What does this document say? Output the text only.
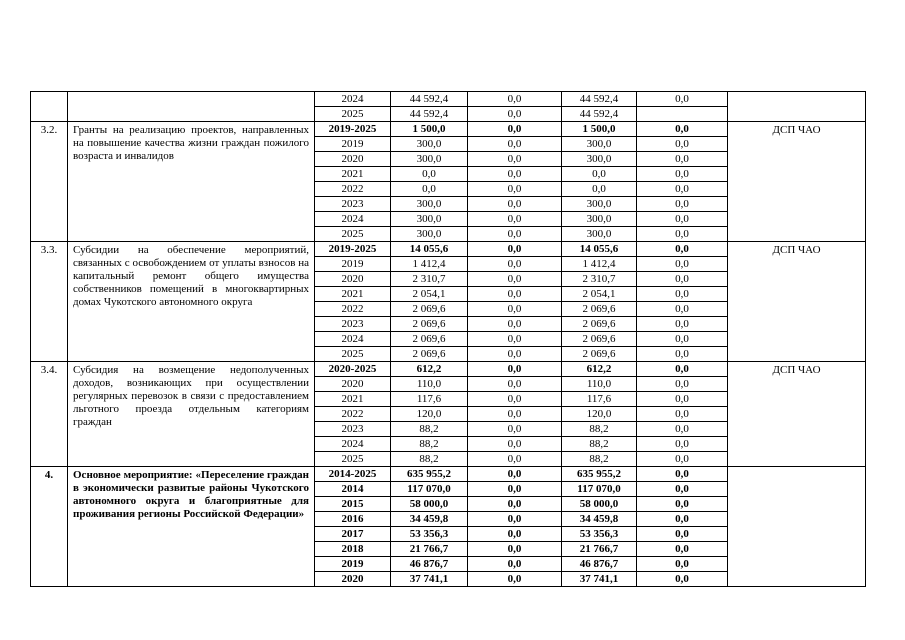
		2024	44 592,4	0,0	44 592,4	0,0	
		2025	44 592,4	0,0	44 592,4		
3.2.	Гранты на реализацию проектов, направленных на повышение качества жизни граждан пожилого возраста и инвалидов	2019-2025	1 500,0	0,0	1 500,0	0,0	ДСП ЧАО
		2019	300,0	0,0	300,0	0,0	
		2020	300,0	0,0	300,0	0,0	
		2021	0,0	0,0	0,0	0,0	
		2022	0,0	0,0	0,0	0,0	
		2023	300,0	0,0	300,0	0,0	
		2024	300,0	0,0	300,0	0,0	
		2025	300,0	0,0	300,0	0,0	
3.3.	Субсидии на обеспечение мероприятий, связанных с освобождением от уплаты взносов на капитальный ремонт общего имущества собственников помещений в многоквартирных домах Чукотского автономного округа	2019-2025	14 055,6	0,0	14 055,6	0,0	ДСП ЧАО
		2019	1 412,4	0,0	1 412,4	0,0	
		2020	2 310,7	0,0	2 310,7	0,0	
		2021	2 054,1	0,0	2 054,1	0,0	
		2022	2 069,6	0,0	2 069,6	0,0	
		2023	2 069,6	0,0	2 069,6	0,0	
		2024	2 069,6	0,0	2 069,6	0,0	
		2025	2 069,6	0,0	2 069,6	0,0	
3.4.	Субсидия на возмещение недополученных доходов, возникающих при осуществлении регулярных перевозок в связи с предоставлением льготного проезда отдельным категориям граждан	2020-2025	612,2	0,0	612,2	0,0	ДСП ЧАО
		2020	110,0	0,0	110,0	0,0	
		2021	117,6	0,0	117,6	0,0	
		2022	120,0	0,0	120,0	0,0	
		2023	88,2	0,0	88,2	0,0	
		2024	88,2	0,0	88,2	0,0	
		2025	88,2	0,0	88,2	0,0	
4.	Основное мероприятие: «Переселение граждан в экономически развитые районы Чукотского автономного округа и благоприятные для проживания регионы Российской Федерации»	2014-2025	635 955,2	0,0	635 955,2	0,0	
		2014	117 070,0	0,0	117 070,0	0,0	
		2015	58 000,0	0,0	58 000,0	0,0	
		2016	34 459,8	0,0	34 459,8	0,0	
		2017	53 356,3	0,0	53 356,3	0,0	
		2018	21 766,7	0,0	21 766,7	0,0	
		2019	46 876,7	0,0	46 876,7	0,0	
		2020	37 741,1	0,0	37 741,1	0,0	
